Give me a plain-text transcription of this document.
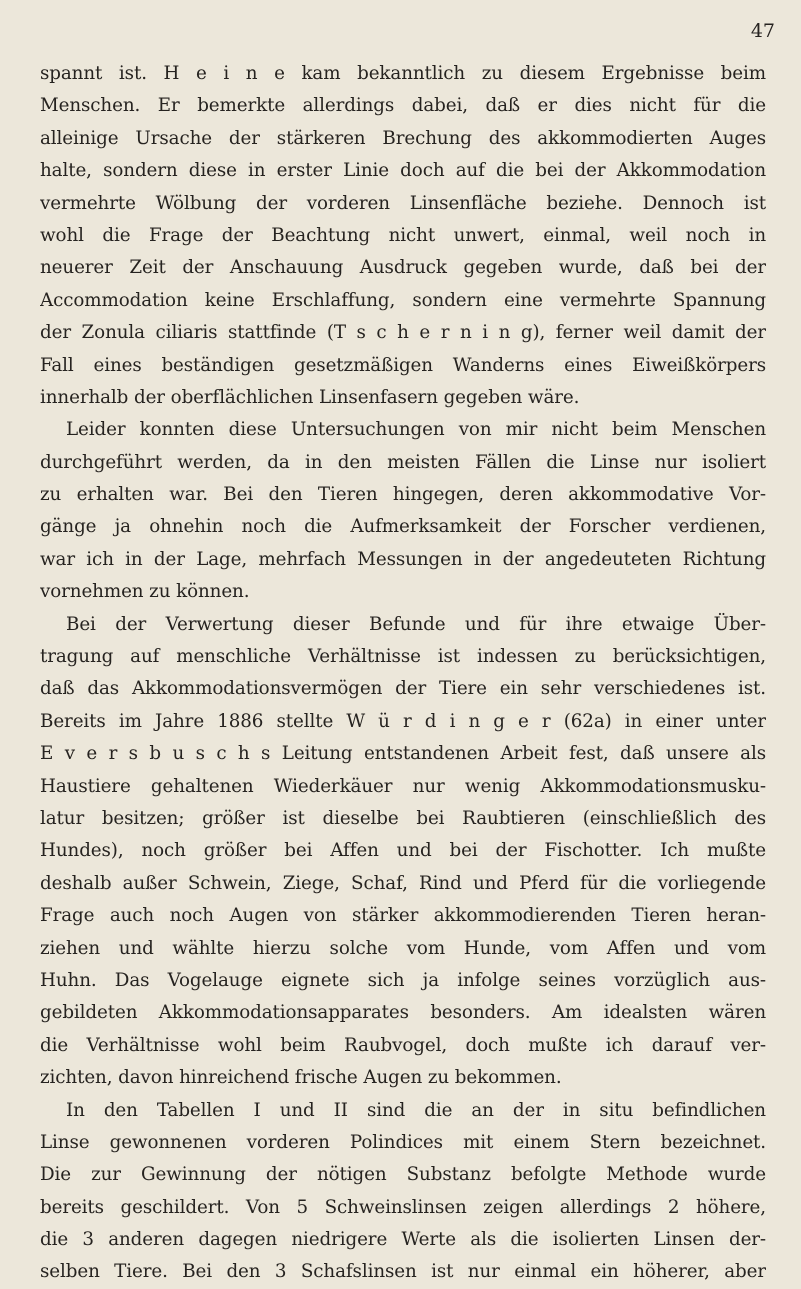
47
spannt ist. H e i n e kam bekanntlich zu diesem Ergebnisse beim
Menschen. Er bemerkte allerdings dabei, daß er dies nicht für die
alleinige Ursache der stärkeren Brechung des akkommodierten Auges
halte, sondern diese in erster Linie doch auf die bei der Akkommodation
vermehrte Wölbung der vorderen Linsenfläche beziehe. Dennoch ist
wohl die Frage der Beachtung nicht unwert, einmal, weil noch in
neuerer Zeit der Anschauung Ausdruck gegeben wurde, daß bei der
Accommodation keine Erschlaffung, sondern eine vermehrte Spannung
der Zonula ciliaris stattfinde (T s c h e r n i n g), ferner weil damit der
Fall eines beständigen gesetzmäßigen Wanderns eines Eiweißkörpers
innerhalb der oberflächlichen Linsenfasern gegeben wäre.
Leider konnten diese Untersuchungen von mir nicht beim Menschen
durchgeführt werden, da in den meisten Fällen die Linse nur isoliert
zu erhalten war. Bei den Tieren hingegen, deren akkommodative Vor-
gänge ja ohnehin noch die Aufmerksamkeit der Forscher verdienen,
war ich in der Lage, mehrfach Messungen in der angedeuteten Richtung
vornehmen zu können.
Bei der Verwertung dieser Befunde und für ihre etwaige Über-
tragung auf menschliche Verhältnisse ist indessen zu berücksichtigen,
daß das Akkommodationsvermögen der Tiere ein sehr verschiedenes ist.
Bereits im Jahre 1886 stellte W ü r d i n g e r (62a) in einer unter
E v e r s b u s c h s Leitung entstandenen Arbeit fest, daß unsere als
Haustiere gehaltenen Wiederkäuer nur wenig Akkommodationsmusku-
latur besitzen; größer ist dieselbe bei Raubtieren (einschließlich des
Hundes), noch größer bei Affen und bei der Fischotter. Ich mußte
deshalb außer Schwein, Ziege, Schaf, Rind und Pferd für die vorliegende
Frage auch noch Augen von stärker akkommodierenden Tieren heran-
ziehen und wählte hierzu solche vom Hunde, vom Affen und vom
Huhn. Das Vogelauge eignete sich ja infolge seines vorzüglich aus-
gebildeten Akkommodationsapparates besonders. Am idealsten wären
die Verhältnisse wohl beim Raubvogel, doch mußte ich darauf ver-
zichten, davon hinreichend frische Augen zu bekommen.
In den Tabellen I und II sind die an der in situ befindlichen
Linse gewonnenen vorderen Polindices mit einem Stern bezeichnet.
Die zur Gewinnung der nötigen Substanz befolgte Methode wurde
bereits geschildert. Von 5 Schweinslinsen zeigen allerdings 2 höhere,
die 3 anderen dagegen niedrigere Werte als die isolierten Linsen der-
selben Tiere. Bei den 3 Schafslinsen ist nur einmal ein höherer, aber
